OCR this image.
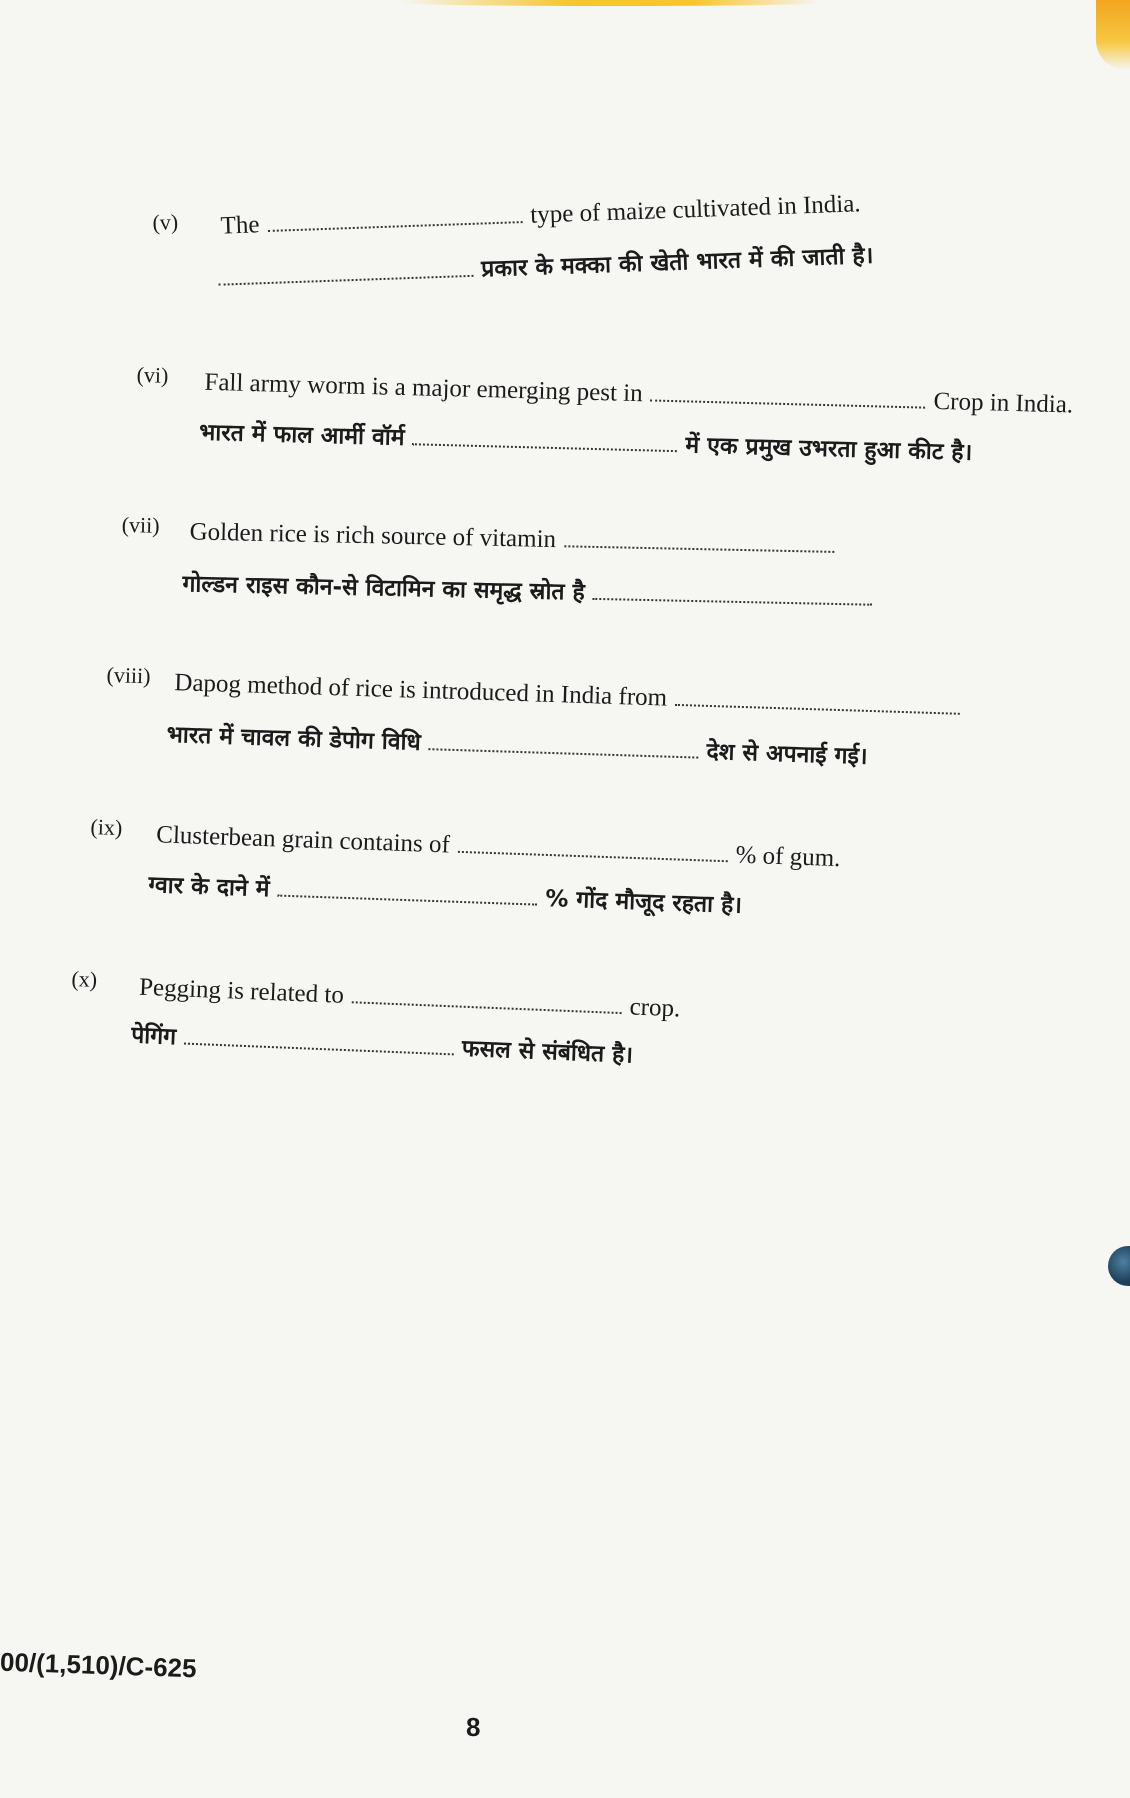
(v) The	type of maize cultivated in India.
प्रकार के मक्का की खेती भारत में की जाती है।
(vi) Fall army worm is a major emerging pest in	Crop in India.
भारत में फाल आर्मी वॉर्म	में एक प्रमुख उभरता हुआ कीट है।
(vii) Golden rice is rich source of vitamin
गोल्डन राइस कौन-से विटामिन का समृद्ध स्रोत है
(viii) Dapog method of rice is introduced in India from
भारत में चावल की डेपोग विधि	देश से अपनाई गई।
(ix) Clusterbean grain contains of	% of gum.
ग्वार के दाने में	% गोंद मौजूद रहता है।
(x) Pegging is related to	crop.
पेगिंग	फसल से संबंधित है।
00/(1,510)/C-625
8
